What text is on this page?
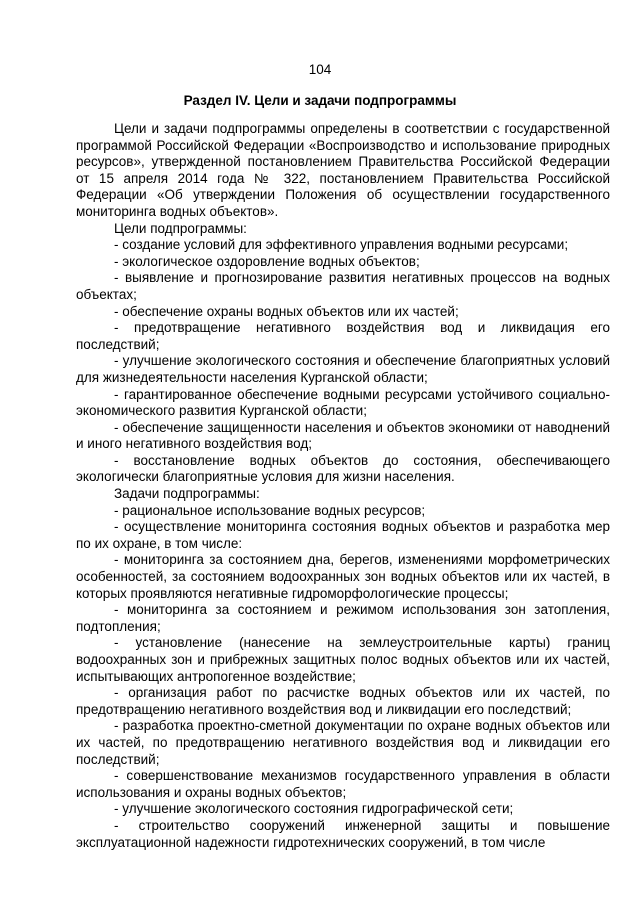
104
Раздел IV. Цели и задачи подпрограммы

Цели и задачи подпрограммы определены в соответствии с государственной программой Российской Федерации «Воспроизводство и использование природных ресурсов», утвержденной постановлением Правительства Российской Федерации от 15 апреля 2014 года № 322, постановлением Правительства Российской Федерации «Об утверждении Положения об осуществлении государственного мониторинга водных объектов».

Цели подпрограммы:

- создание условий для эффективного управления водными ресурсами;

- экологическое оздоровление водных объектов;

- выявление и прогнозирование развития негативных процессов на водных объектах;

- обеспечение охраны водных объектов или их частей;

- предотвращение негативного воздействия вод и ликвидация его последствий;

- улучшение экологического состояния и обеспечение благоприятных условий для жизнедеятельности населения Курганской области;

- гарантированное обеспечение водными ресурсами устойчивого социально-экономического развития Курганской области;

- обеспечение защищенности населения и объектов экономики от наводнений и иного негативного воздействия вод;

- восстановление водных объектов до состояния, обеспечивающего экологически благоприятные условия для жизни населения.

Задачи подпрограммы:

- рациональное использование водных ресурсов;

- осуществление мониторинга состояния водных объектов и разработка мер по их охране, в том числе:

- мониторинга за состоянием дна, берегов, изменениями морфометрических особенностей, за состоянием водоохранных зон водных объектов или их частей, в которых проявляются негативные гидроморфологические процессы;

- мониторинга за состоянием и режимом использования зон затопления, подтопления;

- установление (нанесение на землеустроительные карты) границ водоохранных зон и прибрежных защитных полос водных объектов или их частей, испытывающих антропогенное воздействие;

- организация работ по расчистке водных объектов или их частей, по предотвращению негативного воздействия вод и ликвидации его последствий;

- разработка проектно-сметной документации по охране водных объектов или их частей, по предотвращению негативного воздействия вод и ликвидации его последствий;

- совершенствование механизмов государственного управления в области использования и охраны водных объектов;

- улучшение экологического состояния гидрографической сети;

- строительство сооружений инженерной защиты и повышение эксплуатационной надежности гидротехнических сооружений, в том числе
